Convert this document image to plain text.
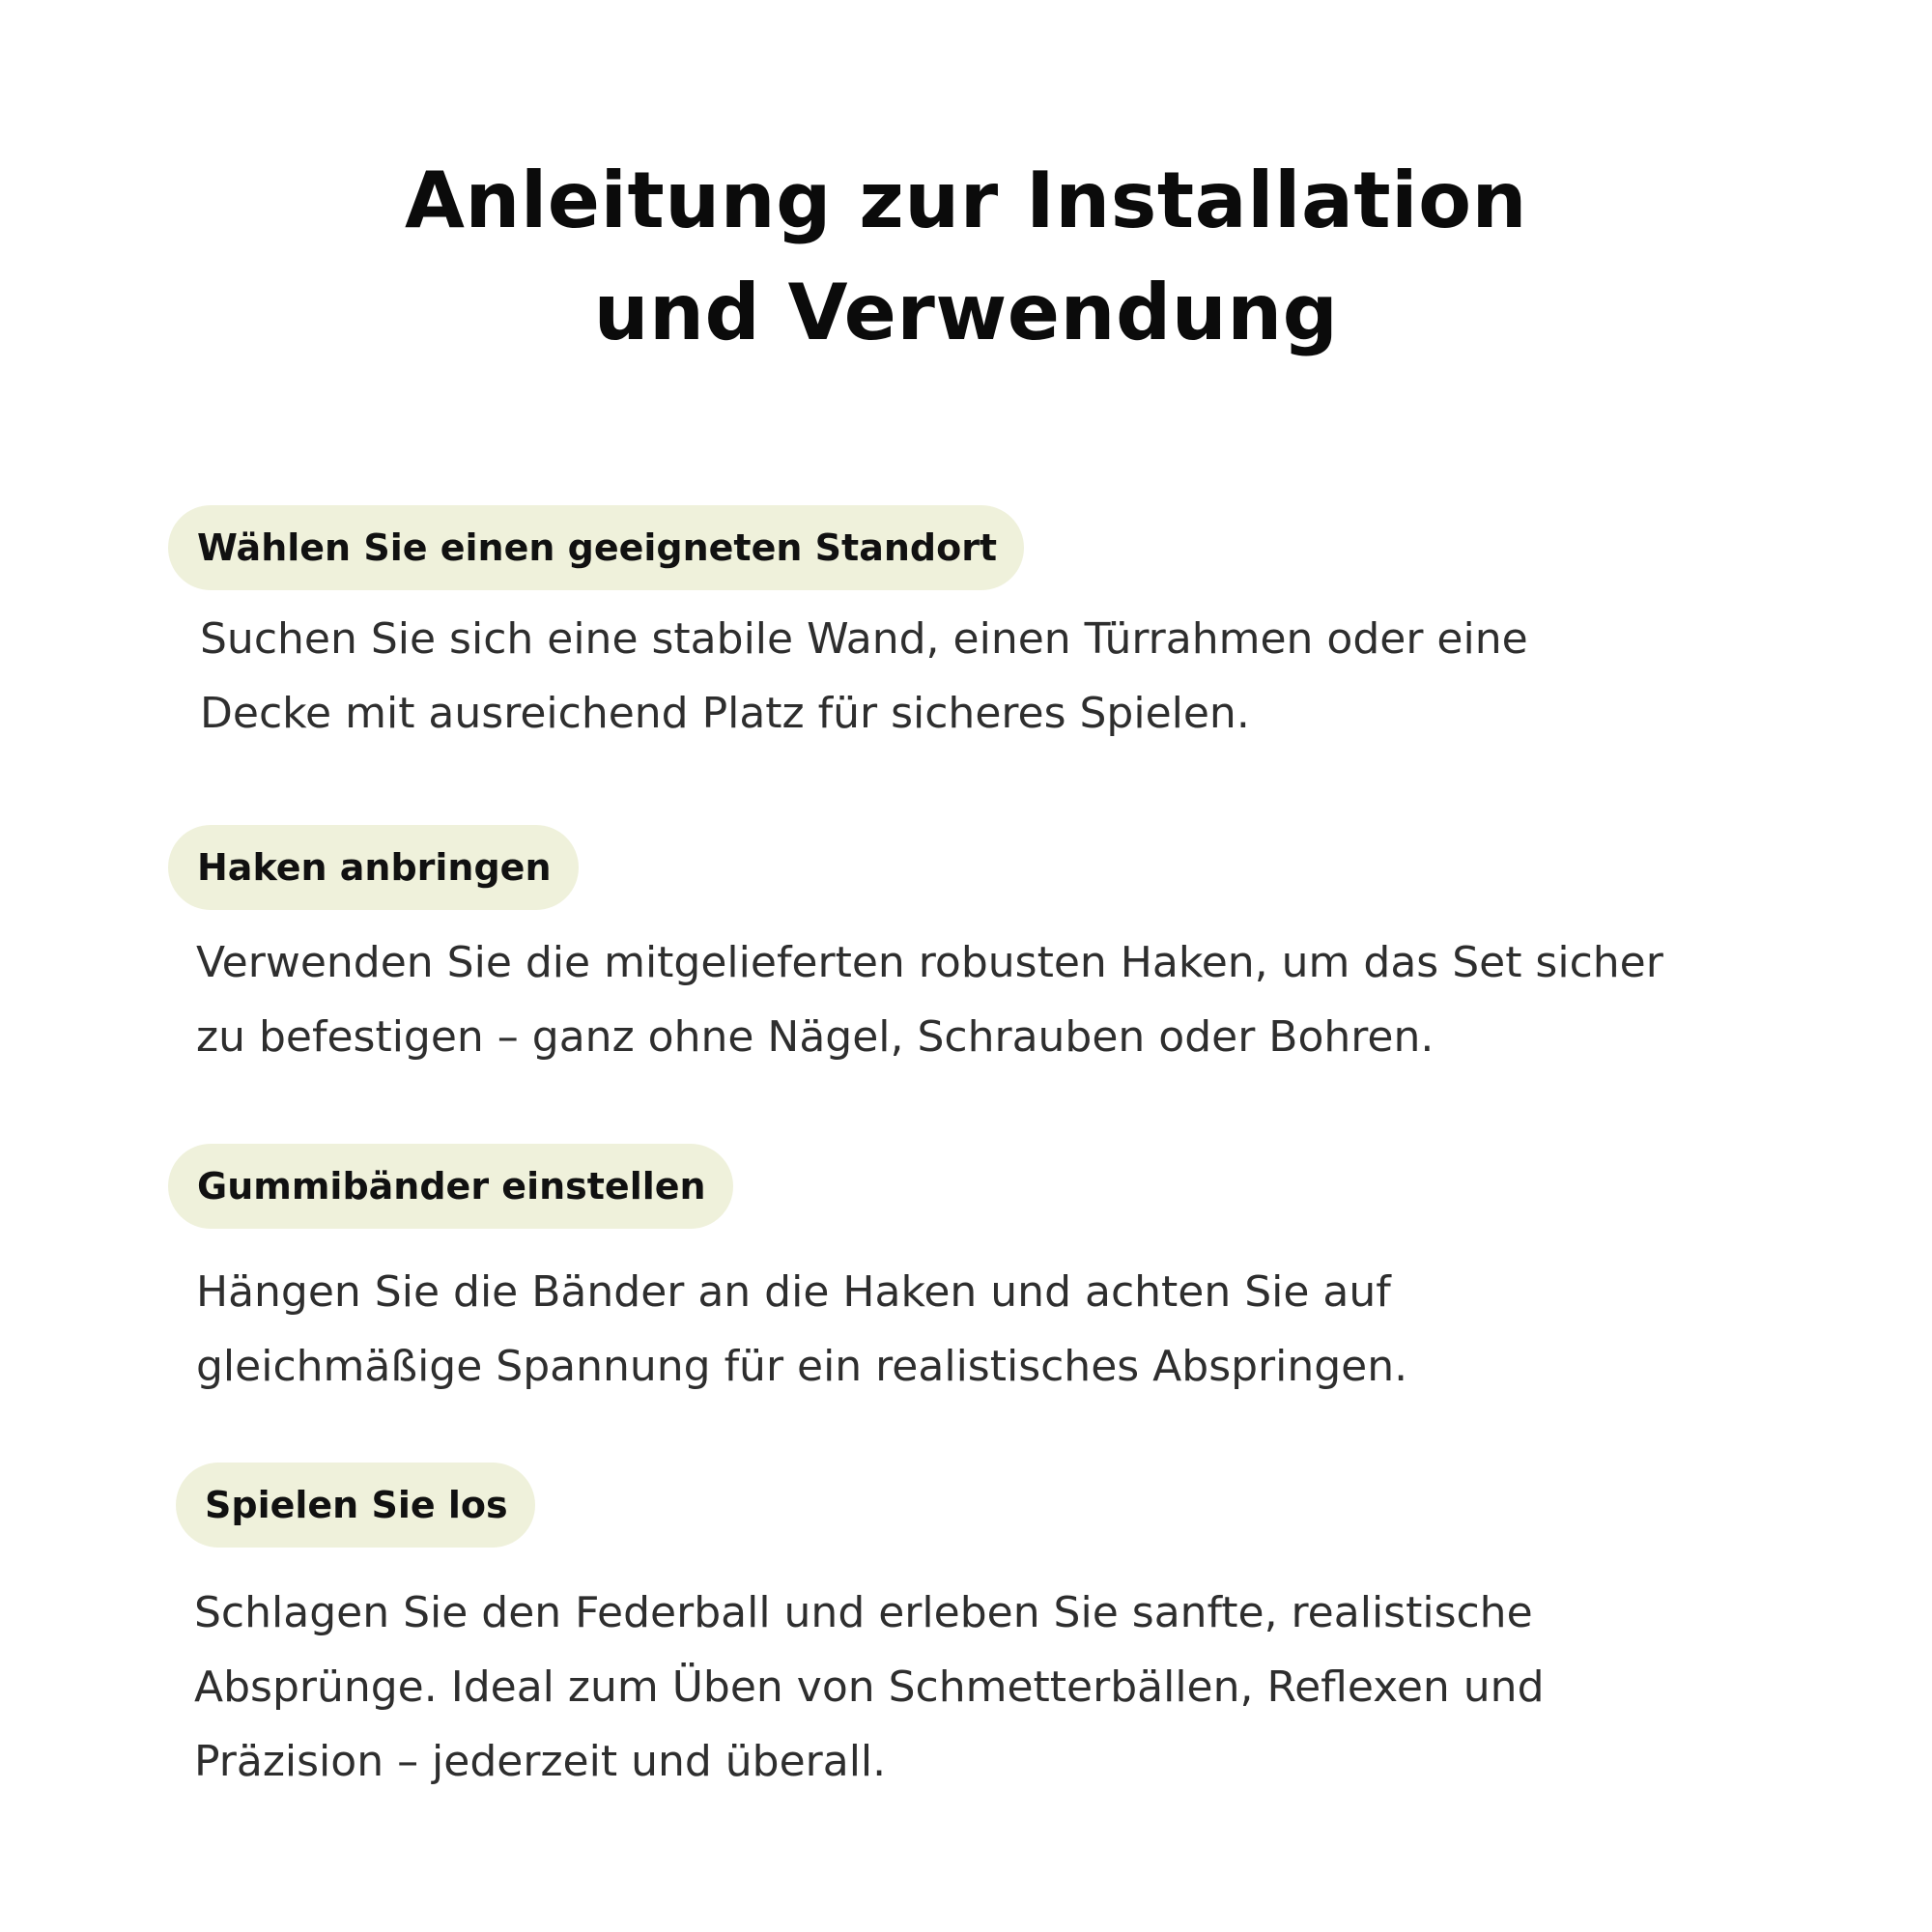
Anleitung zur Installation
und Verwendung
Wählen Sie einen geeigneten Standort

Suchen Sie sich eine stabile Wand, einen Türrahmen oder eine
Decke mit ausreichend Platz für sicheres Spielen.

Haken anbringen

Verwenden Sie die mitgelieferten robusten Haken, um das Set sicher
zu befestigen – ganz ohne Nägel, Schrauben oder Bohren.

Gummibänder einstellen

Hängen Sie die Bänder an die Haken und achten Sie auf
gleichmäßige Spannung für ein realistisches Abspringen.

Spielen Sie los

Schlagen Sie den Federball und erleben Sie sanfte, realistische
Absprünge. Ideal zum Üben von Schmetterbällen, Reflexen und
Präzision – jederzeit und überall.
